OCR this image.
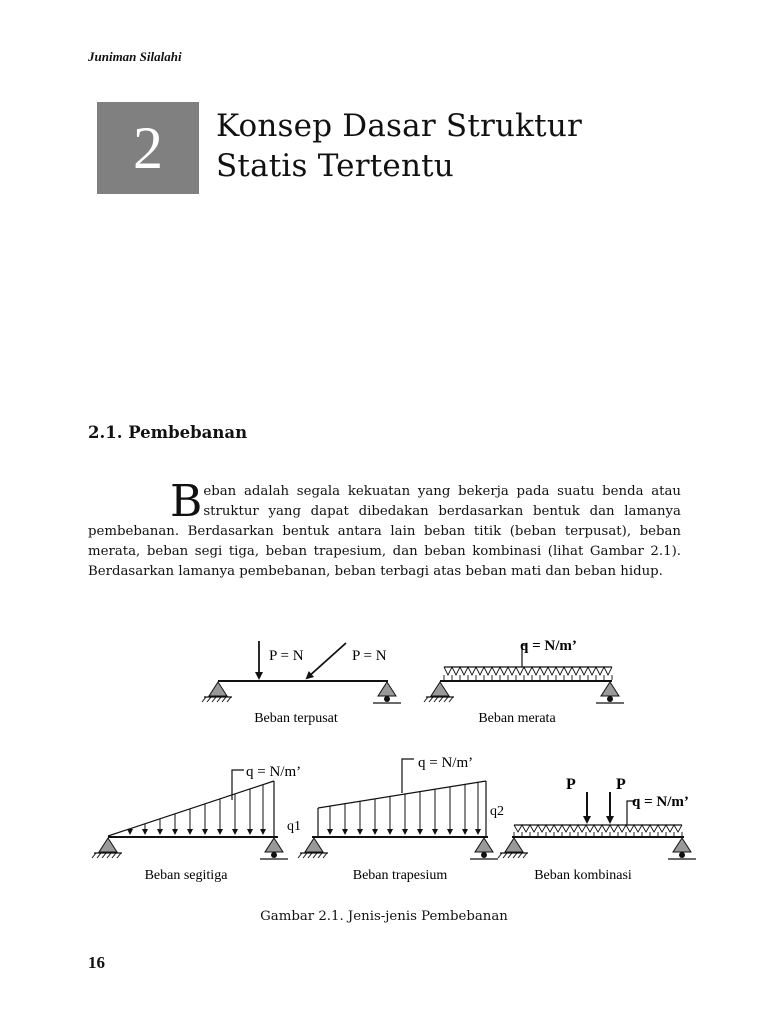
Juniman Silalahi
2	Konsep Dasar Struktur
Statis Tertentu
2.1. Pembebanan
B eban adalah segala kekuatan yang bekerja pada suatu benda atau struktur yang dapat dibedakan berdasarkan bentuk dan lamanya pembebanan. Berdasarkan bentuk antara lain beban titik (beban terpusat), beban merata, beban segi tiga, beban trapesium, dan beban kombinasi (lihat Gambar 2.1). Berdasarkan lamanya pembebanan, beban terbagi atas beban mati dan beban hidup.
P = N	P = N
Beban terpusat
q = N/m’
Beban merata
q = N/m’
q1
Beban segitiga
q = N/m’
q2
Beban trapesium
P	P
q = N/m’
Beban kombinasi
Gambar 2.1. Jenis-jenis Pembebanan
16
